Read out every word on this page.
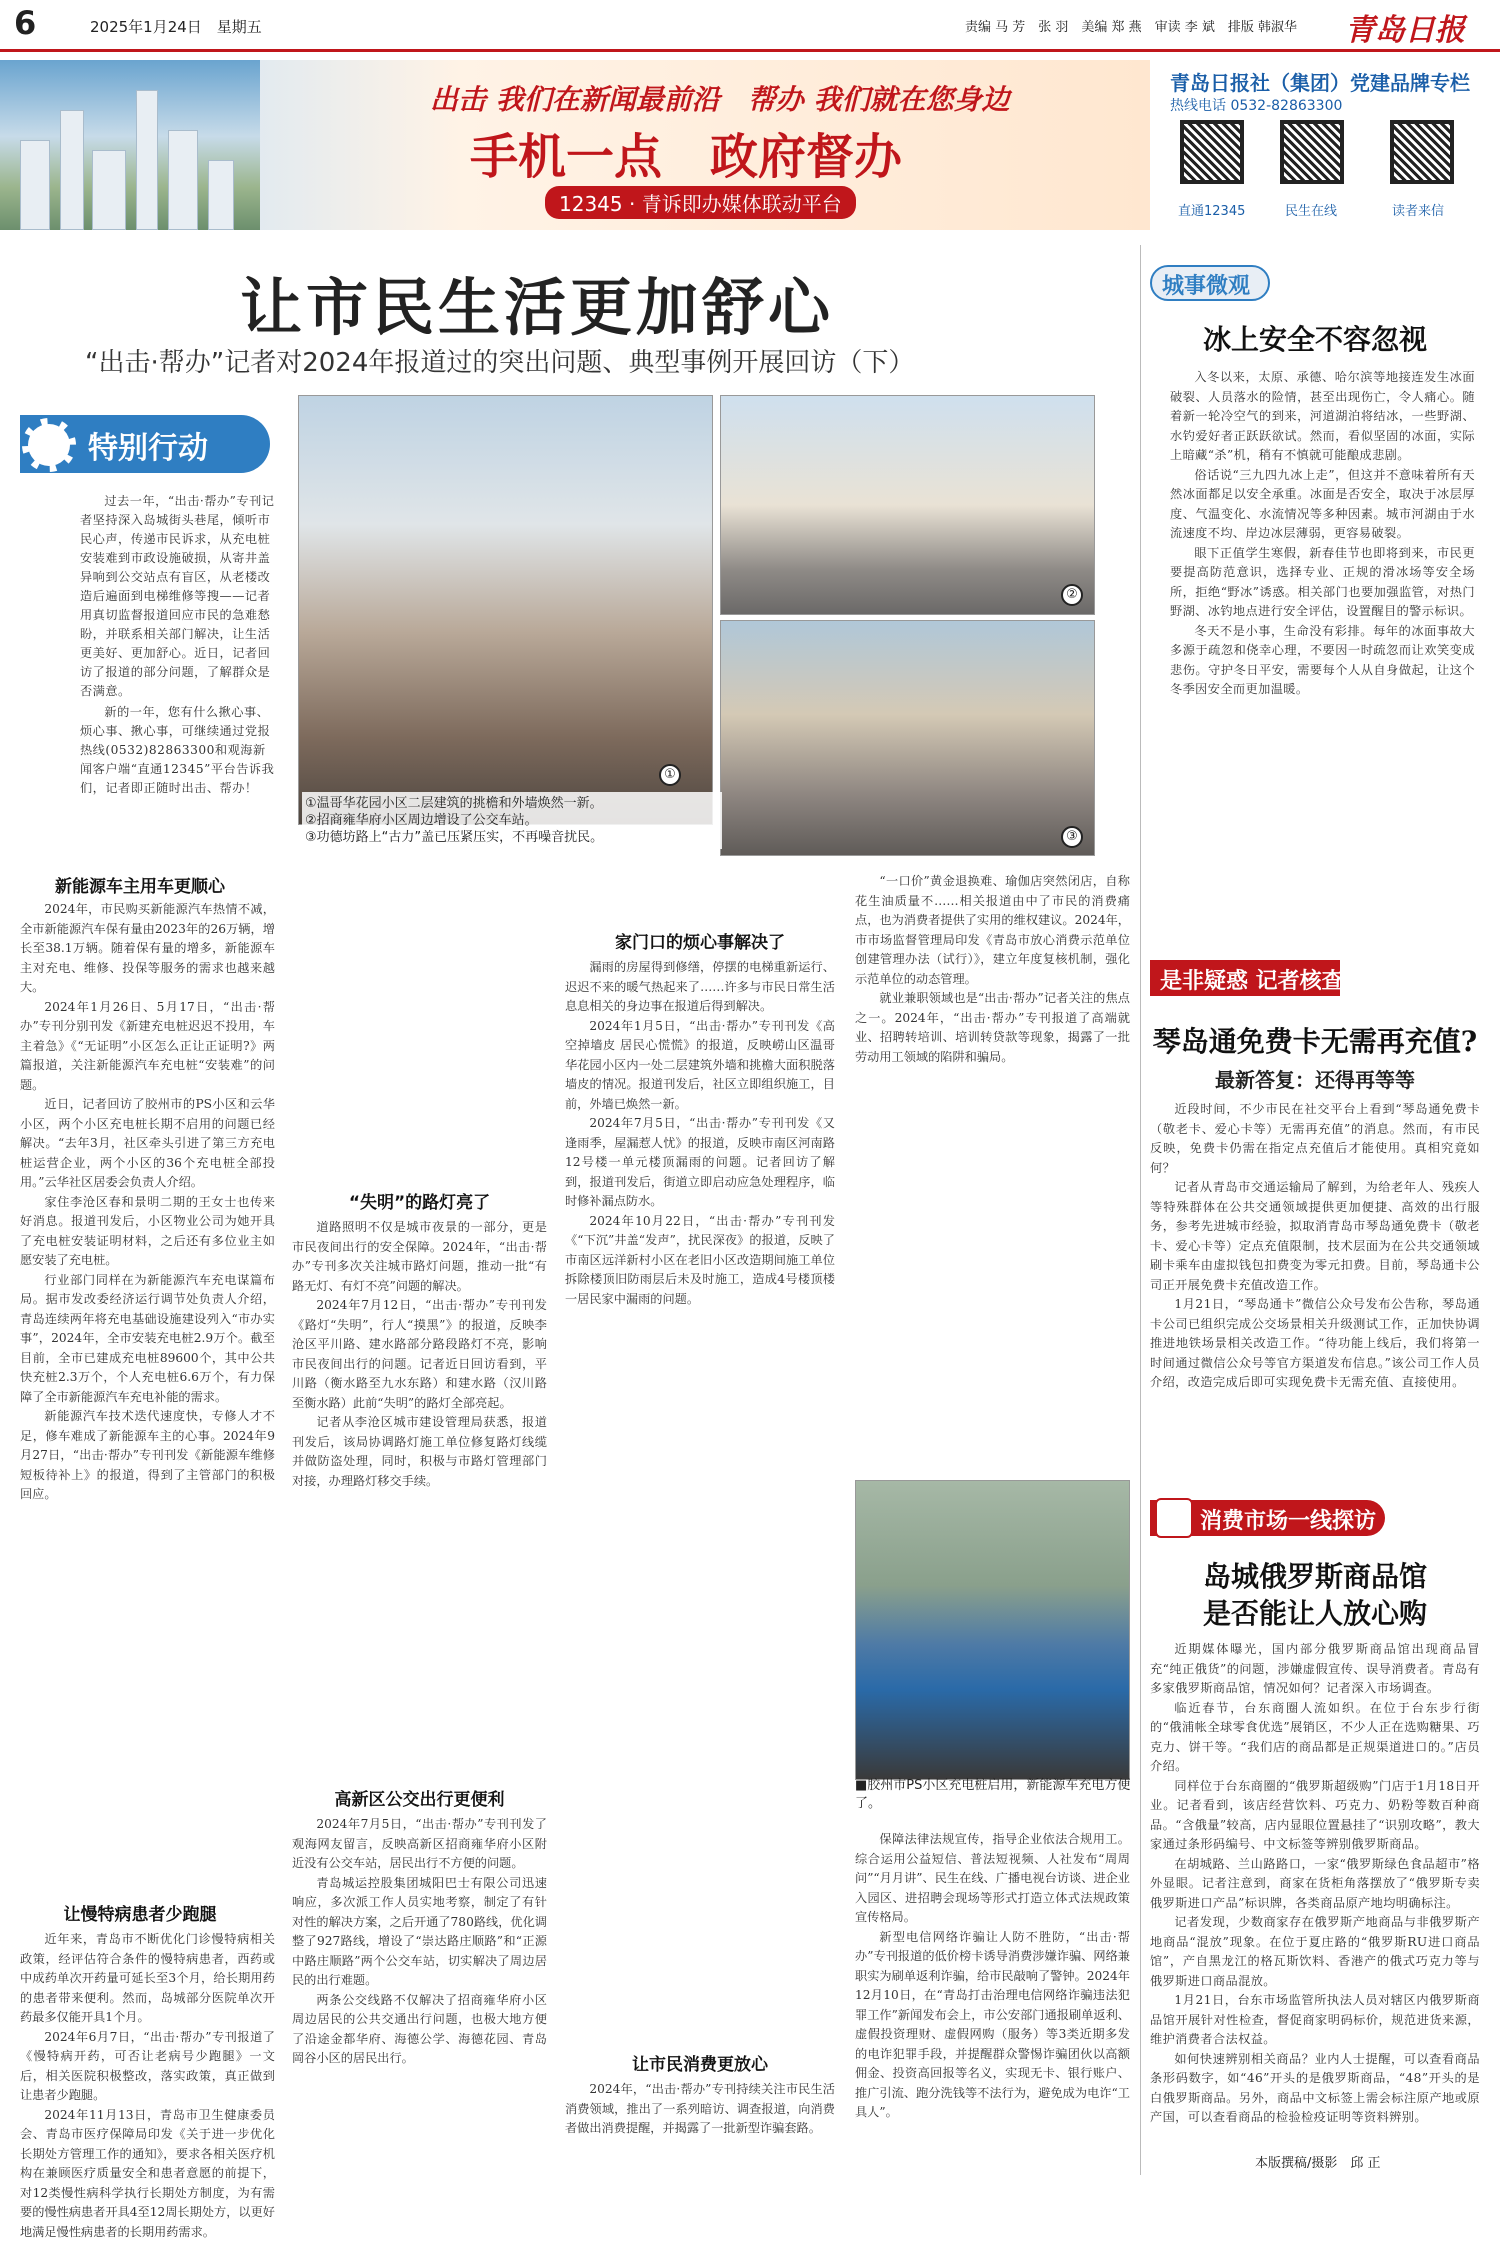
6	2025年1月24日　星期五	责编 马 芳　张 羽　美编 郑 燕　审读 李 斌　排版 韩淑华 青岛日报
出击 我们在新闻最前沿　帮办 我们就在您身边
手机一点　政府督办
12345 · 青诉即办媒体联动平台
青岛日报社（集团）党建品牌专栏
热线电话 0532-82863300
直通12345	民生在线	读者来信
让市民生活更加舒心
“出击·帮办”记者对2024年报道过的突出问题、典型事例开展回访（下）
特别行动

过去一年，“出击·帮办”专刊记者坚持深入岛城街头巷尾，倾听市民心声，传递市民诉求，从充电桩安装难到市政设施破损，从寄井盖异响到公交站点有盲区，从老楼改造后遍面到电梯维修等搜——记者用真切监督报道回应市民的急难愁盼，并联系相关部门解决，让生活更美好、更加舒心。近日，记者回访了报道的部分问题，了解群众是否满意。

新的一年，您有什么揪心事、烦心事、揪心事，可继续通过党报热线(0532)82863300和观海新闻客户端“直通12345”平台告诉我们，记者即正随时出击、帮办！

①
②
③
①温哥华花园小区二层建筑的挑檐和外墙焕然一新。
②招商雍华府小区周边增设了公交车站。
③功德坊路上“古力”盖已压紧压实，不再噪音扰民。
新能源车主用车更顺心

2024年，市民购买新能源汽车热情不减，全市新能源汽车保有量由2023年的26万辆，增长至38.1万辆。随着保有量的增多，新能源车主对充电、维修、投保等服务的需求也越来越大。

2024年1月26日、5月17日，“出击·帮办”专刊分别刊发《新建充电桩迟迟不投用，车主着急》《“无证明”小区怎么正让正证明?》两篇报道，关注新能源汽车充电桩“安装难”的问题。

近日，记者回访了胶州市的PS小区和云华小区，两个小区充电桩长期不启用的问题已经解决。“去年3月，社区牵头引进了第三方充电桩运营企业，两个小区的36个充电桩全部投用。”云华社区居委会负责人介绍。

家住李沧区春和景明二期的王女士也传来好消息。报道刊发后，小区物业公司为她开具了充电桩安装证明材料，之后还有多位业主如愿安装了充电桩。

行业部门同样在为新能源汽车充电谋篇布局。据市发改委经济运行调节处负责人介绍，青岛连续两年将充电基础设施建设列入“市办实事”，2024年，全市安装充电桩2.9万个。截至目前，全市已建成充电桩89600个，其中公共快充桩2.3万个，个人充电桩6.6万个，有力保障了全市新能源汽车充电补能的需求。

新能源汽车技术迭代速度快，专修人才不足，修车难成了新能源车主的心事。2024年9月27日，“出击·帮办”专刊刊发《新能源车维修短板待补上》的报道，得到了主管部门的积极回应。

让慢特病患者少跑腿

近年来，青岛市不断优化门诊慢特病相关政策，经评估符合条件的慢特病患者，西药或中成药单次开药量可延长至3个月，给长期用药的患者带来便利。然而，岛城部分医院单次开药最多仅能开具1个月。

2024年6月7日，“出击·帮办”专刊报道了《慢特病开药，可否让老病号少跑腿》一文后，相关医院积极整改，落实政策，真正做到让患者少跑腿。

2024年11月13日，青岛市卫生健康委员会、青岛市医疗保障局印发《关于进一步优化长期处方管理工作的通知》，要求各相关医疗机构在兼顾医疗质量安全和患者意愿的前提下，对12类慢性病科学执行长期处方制度，为有需要的慢性病患者开具4至12周长期处方，以更好地满足慢性病患者的长期用药需求。

“失明”的路灯亮了

道路照明不仅是城市夜景的一部分，更是市民夜间出行的安全保障。2024年，“出击·帮办”专刊多次关注城市路灯问题，推动一批“有路无灯、有灯不亮”问题的解决。

2024年7月12日，“出击·帮办”专刊刊发《路灯“失明”，行人“摸黑”》的报道，反映李沧区平川路、建水路部分路段路灯不亮，影响市民夜间出行的问题。记者近日回访看到，平川路（衡水路至九水东路）和建水路（汉川路至衡水路）此前“失明”的路灯全部亮起。

记者从李沧区城市建设管理局获悉，报道刊发后，该局协调路灯施工单位修复路灯线缆并做防盗处理，同时，积极与市路灯管理部门对接，办理路灯移交手续。

高新区公交出行更便利

2024年7月5日，“出击·帮办”专刊刊发了观海网友留言，反映高新区招商雍华府小区附近没有公交车站，居民出行不方便的问题。

青岛城运控股集团城阳巴士有限公司迅速响应，多次派工作人员实地考察，制定了有针对性的解决方案，之后开通了780路线，优化调整了927路线，增设了“崇达路庄顺路”和“正源中路庄顺路”两个公交车站，切实解决了周边居民的出行难题。

两条公交线路不仅解决了招商雍华府小区周边居民的公共交通出行问题，也极大地方便了沿途金都华府、海德公学、海德花园、青岛岡谷小区的居民出行。

家门口的烦心事解决了

漏雨的房屋得到修缮，停摆的电梯重新运行、迟迟不来的暖气热起来了……许多与市民日常生活息息相关的身边事在报道后得到解决。

2024年1月5日，“出击·帮办”专刊刊发《高空掉墙皮 居民心慌慌》的报道，反映崂山区温哥华花园小区内一处二层建筑外墙和挑檐大面积脱落墙皮的情况。报道刊发后，社区立即组织施工，目前，外墙已焕然一新。

2024年7月5日，“出击·帮办”专刊刊发《又逢雨季，屋漏惹人忧》的报道，反映市南区河南路12号楼一单元楼顶漏雨的问题。记者回访了解到，报道刊发后，街道立即启动应急处理程序，临时修补漏点防水。

2024年10月22日，“出击·帮办”专刊刊发《“下沉”井盖“发声”，扰民深夜》的报道，反映了市南区远洋新村小区在老旧小区改造期间施工单位拆除楼顶旧防雨层后未及时施工，造成4号楼顶楼一居民家中漏雨的问题。

让市民消费更放心

2024年，“出击·帮办”专刊持续关注市民生活消费领域，推出了一系列暗访、调查报道，向消费者做出消费提醒，并揭露了一批新型诈骗套路。

“一口价”黄金退换难、瑜伽店突然闭店，自称花生油质量不……相关报道由中了市民的消费痛点，也为消费者提供了实用的维权建议。2024年，市市场监督管理局印发《青岛市放心消费示范单位创建管理办法（试行）》，建立年度复核机制，强化示范单位的动态管理。

就业兼职领域也是“出击·帮办”记者关注的焦点之一。2024年，“出击·帮办”专刊报道了高端就业、招聘转培训、培训转贷款等现象，揭露了一批劳动用工领域的陷阱和骗局。

■胶州市PS小区充电桩启用，新能源车充电方便了。

保障法律法规宣传，指导企业依法合规用工。综合运用公益短信、普法短视频、人社发布“周周问”“月月讲”、民生在线、广播电视台访谈、进企业入园区、进招聘会现场等形式打造立体式法规政策宣传格局。

新型电信网络诈骗让人防不胜防，“出击·帮办”专刊报道的低价榜卡诱导消费涉嫌诈骗、网络兼职实为刷单返利诈骗，给市民敲响了警钟。2024年12月10日，在“青岛打击治理电信网络诈骗违法犯罪工作”新闻发布会上，市公安部门通报刷单返利、虚假投资理财、虚假网购（服务）等3类近期多发的电诈犯罪手段，并提醒群众警惕诈骗团伙以高额佣金、投资高回报等名义，实现无卡、银行账户、推广引流、跑分洗钱等不法行为，避免成为电诈“工具人”。

城事微观
冰上安全不容忽视

入冬以来，太原、承德、哈尔滨等地接连发生冰面破裂、人员落水的险情，甚至出现伤亡，令人痛心。随着新一轮冷空气的到来，河道湖泊将结冰，一些野湖、水钓爱好者正跃跃欲试。然而，看似坚固的冰面，实际上暗藏“杀”机，稍有不慎就可能酿成悲剧。

俗话说“三九四九冰上走”，但这并不意味着所有天然冰面都足以安全承重。冰面是否安全，取决于冰层厚度、气温变化、水流情况等多种因素。城市河湖由于水流速度不均、岸边冰层薄弱，更容易破裂。

眼下正值学生寒假，新春佳节也即将到来，市民更要提高防范意识，选择专业、正规的滑冰场等安全场所，拒绝“野冰”诱惑。相关部门也要加强监管，对热门野湖、冰钓地点进行安全评估，设置醒目的警示标识。

冬天不是小事，生命没有彩排。每年的冰面事故大多源于疏忽和侥幸心理，不要因一时疏忽而让欢笑变成悲伤。守护冬日平安，需要每个人从自身做起，让这个冬季因安全而更加温暖。

是非疑惑 记者核查
琴岛通免费卡无需再充值?
最新答复：还得再等等

近段时间，不少市民在社交平台上看到“琴岛通免费卡（敬老卡、爱心卡等）无需再充值”的消息。然而，有市民反映，免费卡仍需在指定点充值后才能使用。真相究竟如何？

记者从青岛市交通运输局了解到，为给老年人、残疾人等特殊群体在公共交通领域提供更加便捷、高效的出行服务，参考先进城市经验，拟取消青岛市琴岛通免费卡（敬老卡、爱心卡等）定点充值限制，技术层面为在公共交通领域刷卡乘车由虚拟钱包扣费变为零元扣费。目前，琴岛通卡公司正开展免费卡充值改造工作。

1月21日，“琴岛通卡”微信公众号发布公告称，琴岛通卡公司已组织完成公交场景相关升级测试工作，正加快协调推进地铁场景相关改造工作。“待功能上线后，我们将第一时间通过微信公众号等官方渠道发布信息。”该公司工作人员介绍，改造完成后即可实现免费卡无需充值、直接使用。

消费市场一线探访
岛城俄罗斯商品馆
是否能让人放心购

近期媒体曝光，国内部分俄罗斯商品馆出现商品冒充“纯正俄货”的问题，涉嫌虚假宣传、误导消费者。青岛有多家俄罗斯商品馆，情况如何？记者深入市场调查。

临近春节，台东商圈人流如织。在位于台东步行街的“俄浦帐全球零食优选”展销区，不少人正在选购糖果、巧克力、饼干等。“我们店的商品都是正规渠道进口的。”店员介绍。

同样位于台东商圈的“俄罗斯超级购”门店于1月18日开业。记者看到，该店经营饮料、巧克力、奶粉等数百种商品。“含俄量”较高，店内显眼位置悬挂了“识别攻略”，教大家通过条形码编号、中文标签等辨别俄罗斯商品。

在胡城路、兰山路路口，一家“俄罗斯绿色食品超市”格外显眼。记者注意到，商家在货柜角落摆放了“俄罗斯专卖俄罗斯进口产品”标识牌，各类商品原产地均明确标注。

记者发现，少数商家存在俄罗斯产地商品与非俄罗斯产地商品“混放”现象。在位于夏庄路的“俄罗斯RU进口商品馆”，产自黑龙江的格瓦斯饮料、香港产的俄式巧克力等与俄罗斯进口商品混放。

1月21日，台东市场监管所执法人员对辖区内俄罗斯商品馆开展针对性检查，督促商家明码标价，规范进货来源，维护消费者合法权益。

如何快速辨别相关商品？业内人士提醒，可以查看商品条形码数字，如“46”开头的是俄罗斯商品，“48”开头的是白俄罗斯商品。另外，商品中文标签上需会标注原产地或原产国，可以查看商品的检验检疫证明等资料辨别。

本版撰稿/摄影　邱 正
